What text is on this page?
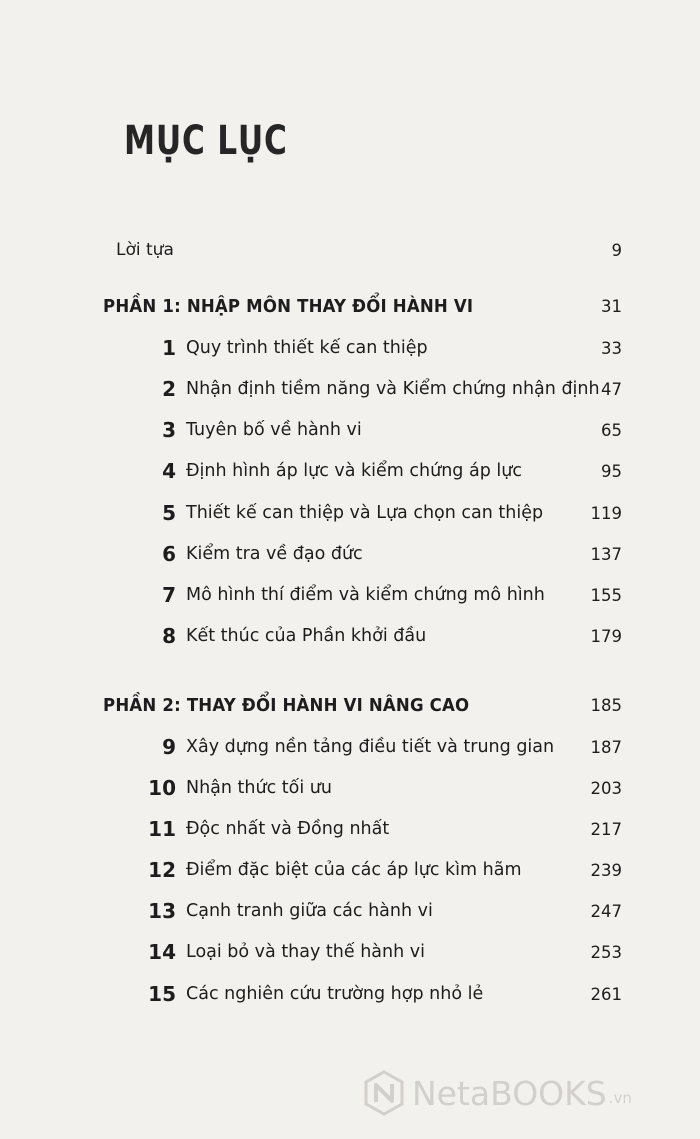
MỤC LỤC
Lời tựa	9
PHẦN 1: NHẬP MÔN THAY ĐỔI HÀNH VI	31
1 Quy trình thiết kế can thiệp	33
2 Nhận định tiềm năng và Kiểm chứng nhận định 47
3 Tuyên bố về hành vi	65
4 Định hình áp lực và kiểm chứng áp lực	95
5 Thiết kế can thiệp và Lựa chọn can thiệp	119
6 Kiểm tra về đạo đức	137
7 Mô hình thí điểm và kiểm chứng mô hình	155
8 Kết thúc của Phần khởi đầu	179
PHẦN 2: THAY ĐỔI HÀNH VI NÂNG CAO	185
9 Xây dựng nền tảng điều tiết và trung gian 187
10 Nhận thức tối ưu	203
11 Độc nhất và Đồng nhất	217
12 Điểm đặc biệt của các áp lực kìm hãm	239
13 Cạnh tranh giữa các hành vi	247
14 Loại bỏ và thay thế hành vi	253
15 Các nghiên cứu trường hợp nhỏ lẻ	261
NetaBOOKS .vn
